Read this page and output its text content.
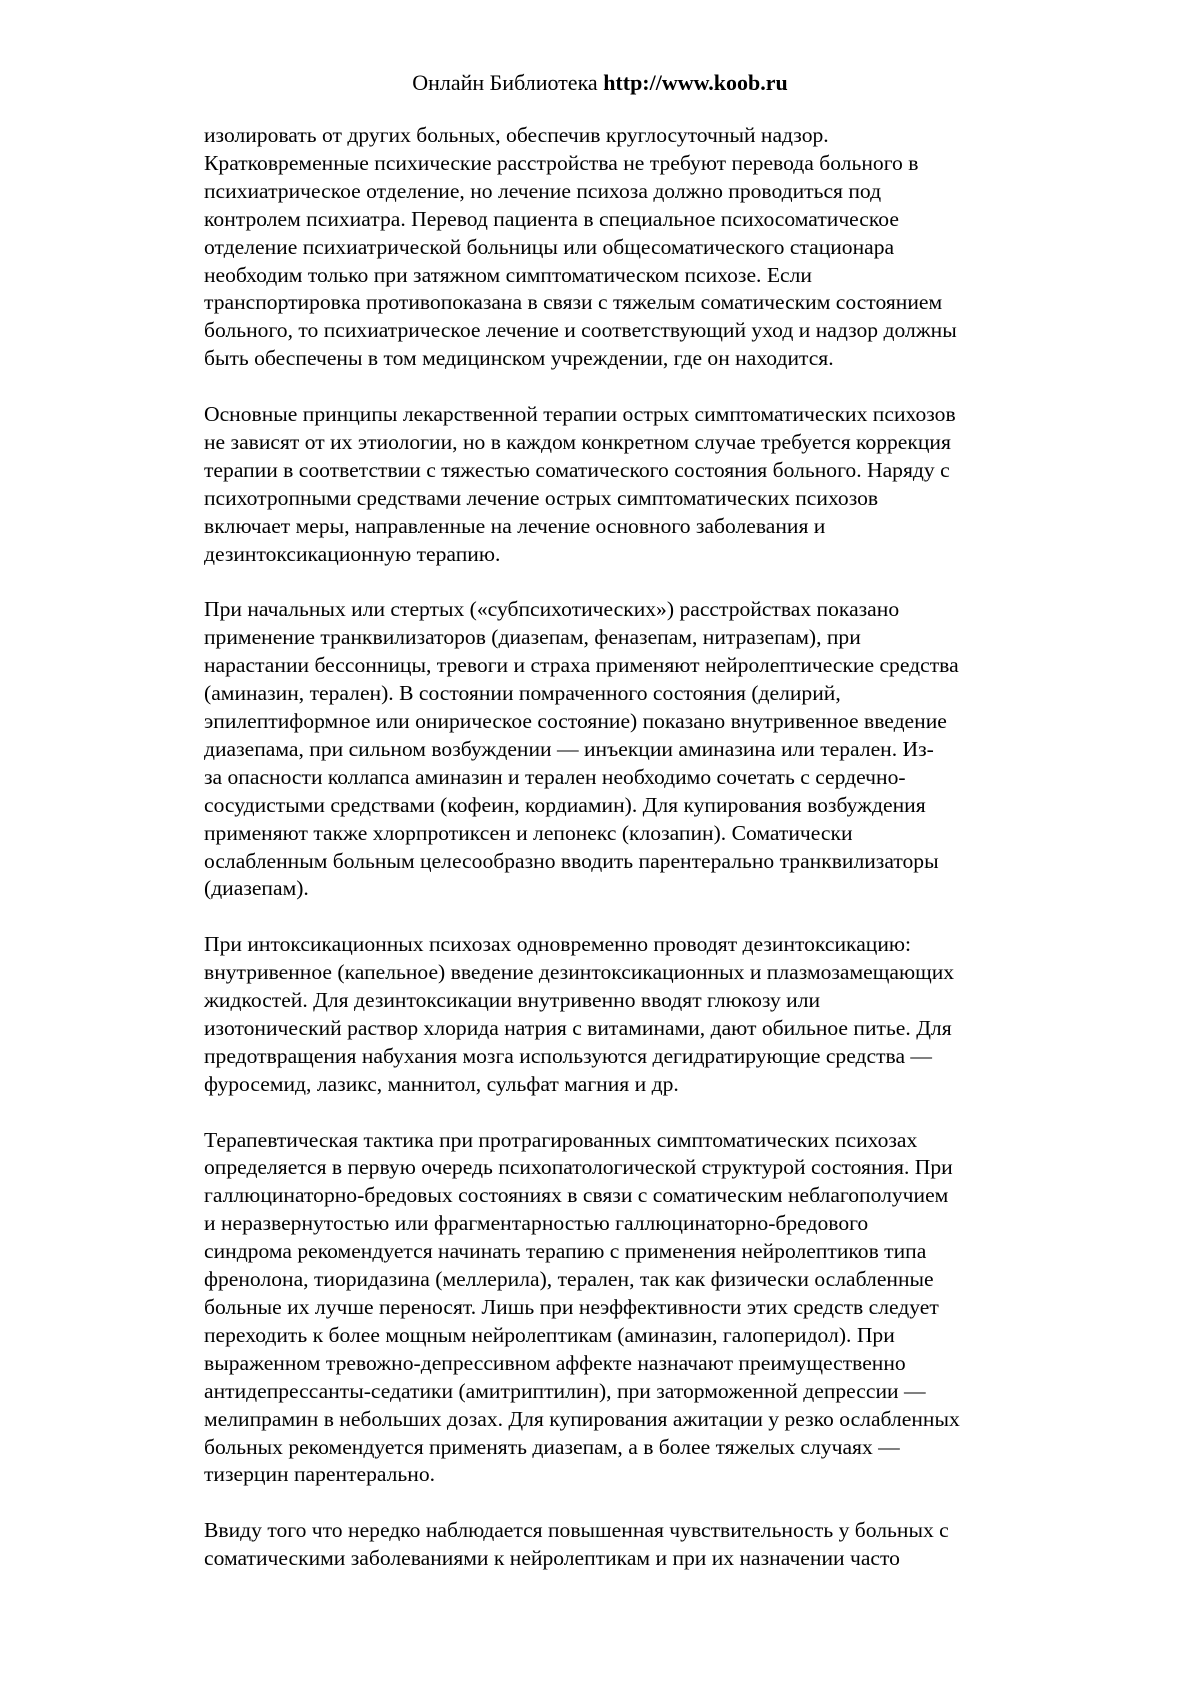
Онлайн Библиотека http://www.koob.ru
изолировать от других больных, обеспечив круглосуточный надзор.
Кратковременные психические расстройства не требуют перевода больного в
психиатрическое отделение, но лечение психоза должно проводиться под
контролем психиатра. Перевод пациента в специальное психосоматическое
отделение психиатрической больницы или общесоматического стационара
необходим только при затяжном симптоматическом психозе. Если
транспортировка противопоказана в связи с тяжелым соматическим состоянием
больного, то психиатрическое лечение и соответствующий уход и надзор должны
быть обеспечены в том медицинском учреждении, где он находится.
Основные принципы лекарственной терапии острых симптоматических психозов
не зависят от их этиологии, но в каждом конкретном случае требуется коррекция
терапии в соответствии с тяжестью соматического состояния больного. Наряду с
психотропными средствами лечение острых симптоматических психозов
включает меры, направленные на лечение основного заболевания и
дезинтоксикационную терапию.
При начальных или стертых («субпсихотических») расстройствах показано
применение транквилизаторов (диазепам, феназепам, нитразепам), при
нарастании бессонницы, тревоги и страха применяют нейролептические средства
(аминазин, терален). В состоянии помраченного состояния (делирий,
эпилептиформное или онирическое состояние) показано внутривенное введение
диазепама, при сильном возбуждении — инъекции аминазина или терален. Из-
за опасности коллапса аминазин и терален необходимо сочетать с сердечно-
сосудистыми средствами (кофеин, кордиамин). Для купирования возбуждения
применяют также хлорпротиксен и лепонекс (клозапин). Соматически
ослабленным больным целесообразно вводить парентерально транквилизаторы
(диазепам).
При интоксикационных психозах одновременно проводят дезинтоксикацию:
внутривенное (капельное) введение дезинтоксикационных и плазмозамещающих
жидкостей. Для дезинтоксикации внутривенно вводят глюкозу или
изотонический раствор хлорида натрия с витаминами, дают обильное питье. Для
предотвращения набухания мозга используются дегидратирующие средства —
фуросемид, лазикс, маннитол, сульфат магния и др.
Терапевтическая тактика при протрагированных симптоматических психозах
определяется в первую очередь психопатологической структурой состояния. При
галлюцинаторно-бредовых состояниях в связи с соматическим неблагополучием
и неразвернутостью или фрагментарностью галлюцинаторно-бредового
синдрома рекомендуется начинать терапию с применения нейролептиков типа
френолона, тиоридазина (меллерила), терален, так как физически ослабленные
больные их лучше переносят. Лишь при неэффективности этих средств следует
переходить к более мощным нейролептикам (аминазин, галоперидол). При
выраженном тревожно-депрессивном аффекте назначают преимущественно
антидепрессанты-седатики (амитриптилин), при заторможенной депрессии —
мелипрамин в небольших дозах. Для купирования ажитации у резко ослабленных
больных рекомендуется применять диазепам, а в более тяжелых случаях —
тизерцин парентерально.
Ввиду того что нередко наблюдается повышенная чувствительность у больных с
соматическими заболеваниями к нейролептикам и при их назначении часто
